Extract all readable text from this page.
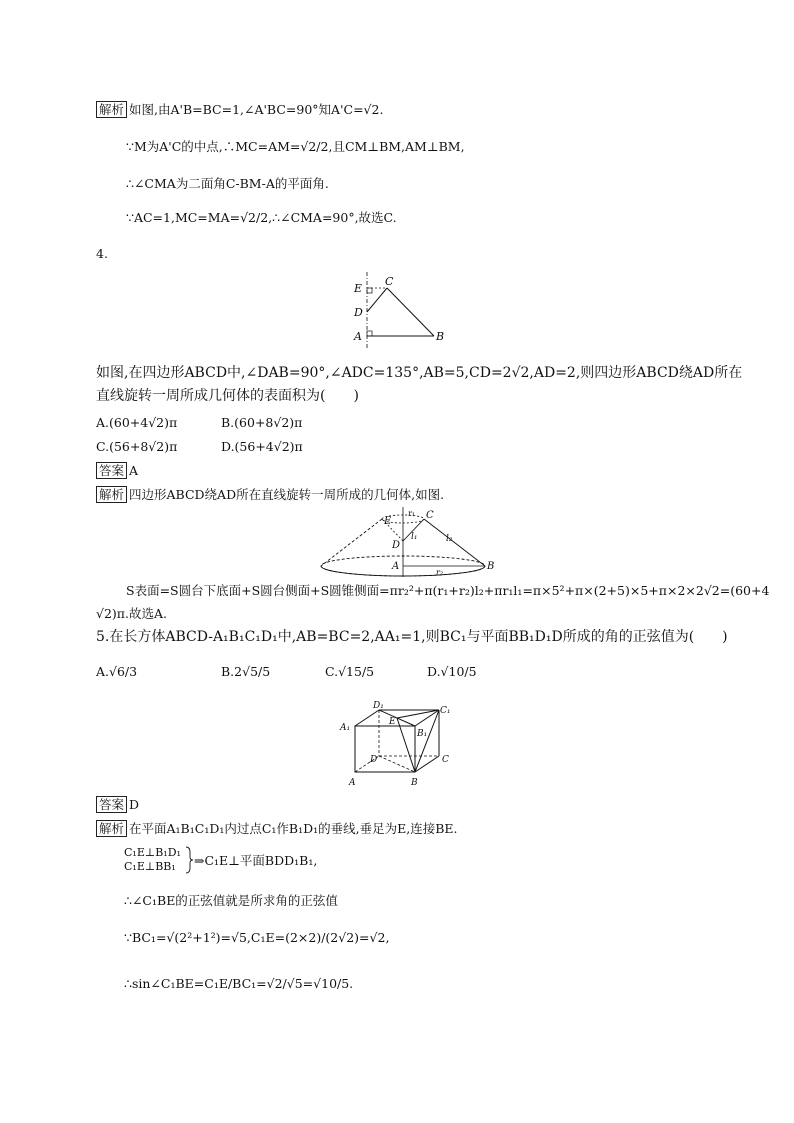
解析 如图,由A'B=BC=1,∠A'BC=90°知A'C=√2.
∵M为A'C的中点,∴MC=AM=√2/2,且CM⊥BM,AM⊥BM,
∴∠CMA为二面角C-BM-A的平面角.
∵AC=1,MC=MA=√2/2,∴∠CMA=90°,故选C.
4.
E
C
D
A	B
如图,在四边形ABCD中,∠DAB=90°,∠ADC=135°,AB=5,CD=2√2,AD=2,则四边形ABCD绕AD所在
直线旋转一周所成几何体的表面积为(　　)
A.(60+4√2)π	B.(60+8√2)π
C.(56+8√2)π	D.(56+4√2)π
答案 A
解析 四边形ABCD绕AD所在直线旋转一周所成的几何体,如图.
E
r₁ C
l₁	l₂
D
A
r₂
B
S表面=S圆台下底面+S圆台侧面+S圆锥侧面=πr₂²+π(r₁+r₂)l₂+πr₁l₁=π×5²+π×(2+5)×5+π×2×2√2=(60+4
√2)π.故选A.
5.在长方体ABCD-A₁B₁C₁D₁中,AB=BC=2,AA₁=1,则BC₁与平面BB₁D₁D所成的角的正弦值为(　　)
A.√6/3	B.2√5/5	C.√15/5	D.√10/5
D₁
E
C₁
A₁
B₁
D	C
A	B
答案 D
解析 在平面A₁B₁C₁D₁内过点C₁作B₁D₁的垂线,垂足为E,连接BE.
C₁E⊥B₁D₁
C₁E⊥BB₁ ⇒C₁E⊥平面BDD₁B₁,
∴∠C₁BE的正弦值就是所求角的正弦值
∵BC₁=√(2²+1²)=√5,C₁E=(2×2)/(2√2)=√2,
∴sin∠C₁BE=C₁E/BC₁=√2/√5=√10/5.
